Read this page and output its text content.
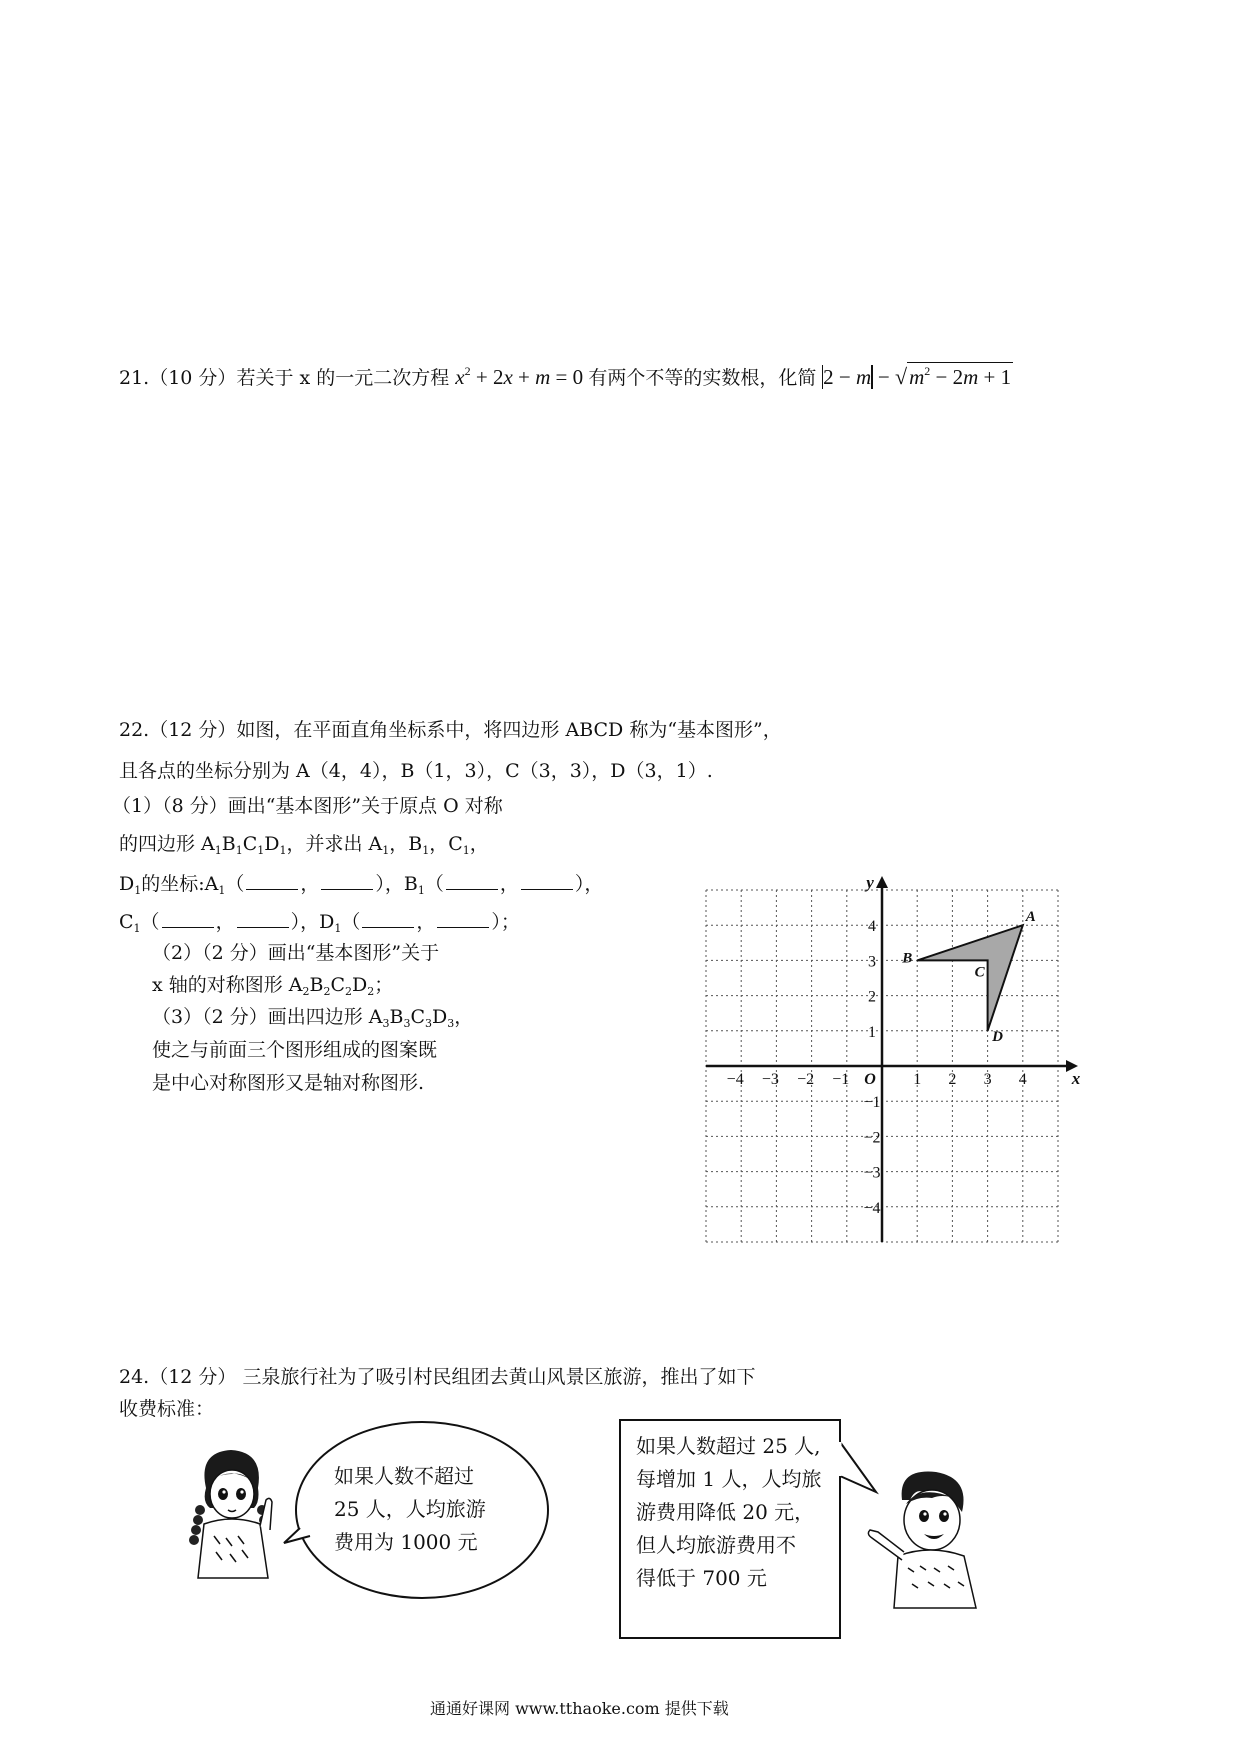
21.（10 分）若关于 x 的一元二次方程 $x^2 + 2x + m = 0$ 有两个不等的实数根，化简 $2 - m - √m^2 - 2m + 1$
22.（12 分）如图，在平面直角坐标系中，将四边形 ABCD 称为“基本图形”，
且各点的坐标分别为 A（4，4），B（1，3），C（3，3），D（3，1）.
（1）（8 分）画出“基本图形”关于原点 O 对称
的四边形 $A_1B_1C_1D_1$，并求出 $A_1$，$B_1$，$C_1$，
$D_1$的坐标$:A_1$（	，	），$B_1$（	，	），
$C_1$（	，	），$D_1$（	，	）；
（2）（2 分）画出“基本图形”关于
x 轴的对称图形 $A_2B_2C_2D_2$；
（3）（2 分）画出四边形 $A_3B_3C_3D_3$，
使之与前面三个图形组成的图案既
是中心对称图形又是轴对称图形.	−4 −3 −2 −1	1 2 3 4
4
3
2
1
−1
−2
−3
−4
O	x
y
A
B
C
D
24.（12 分） 三泉旅行社为了吸引村民组团去黄山风景区旅游，推出了如下
收费标准：
如果人数不超过
25 人，人均旅游
费用为 1000 元
如果人数超过 25 人,
每增加 1 人，人均旅
游费用降低 20 元，
但人均旅游费用不
得低于 700 元
通通好课网 www.tthaoke.com 提供下载
